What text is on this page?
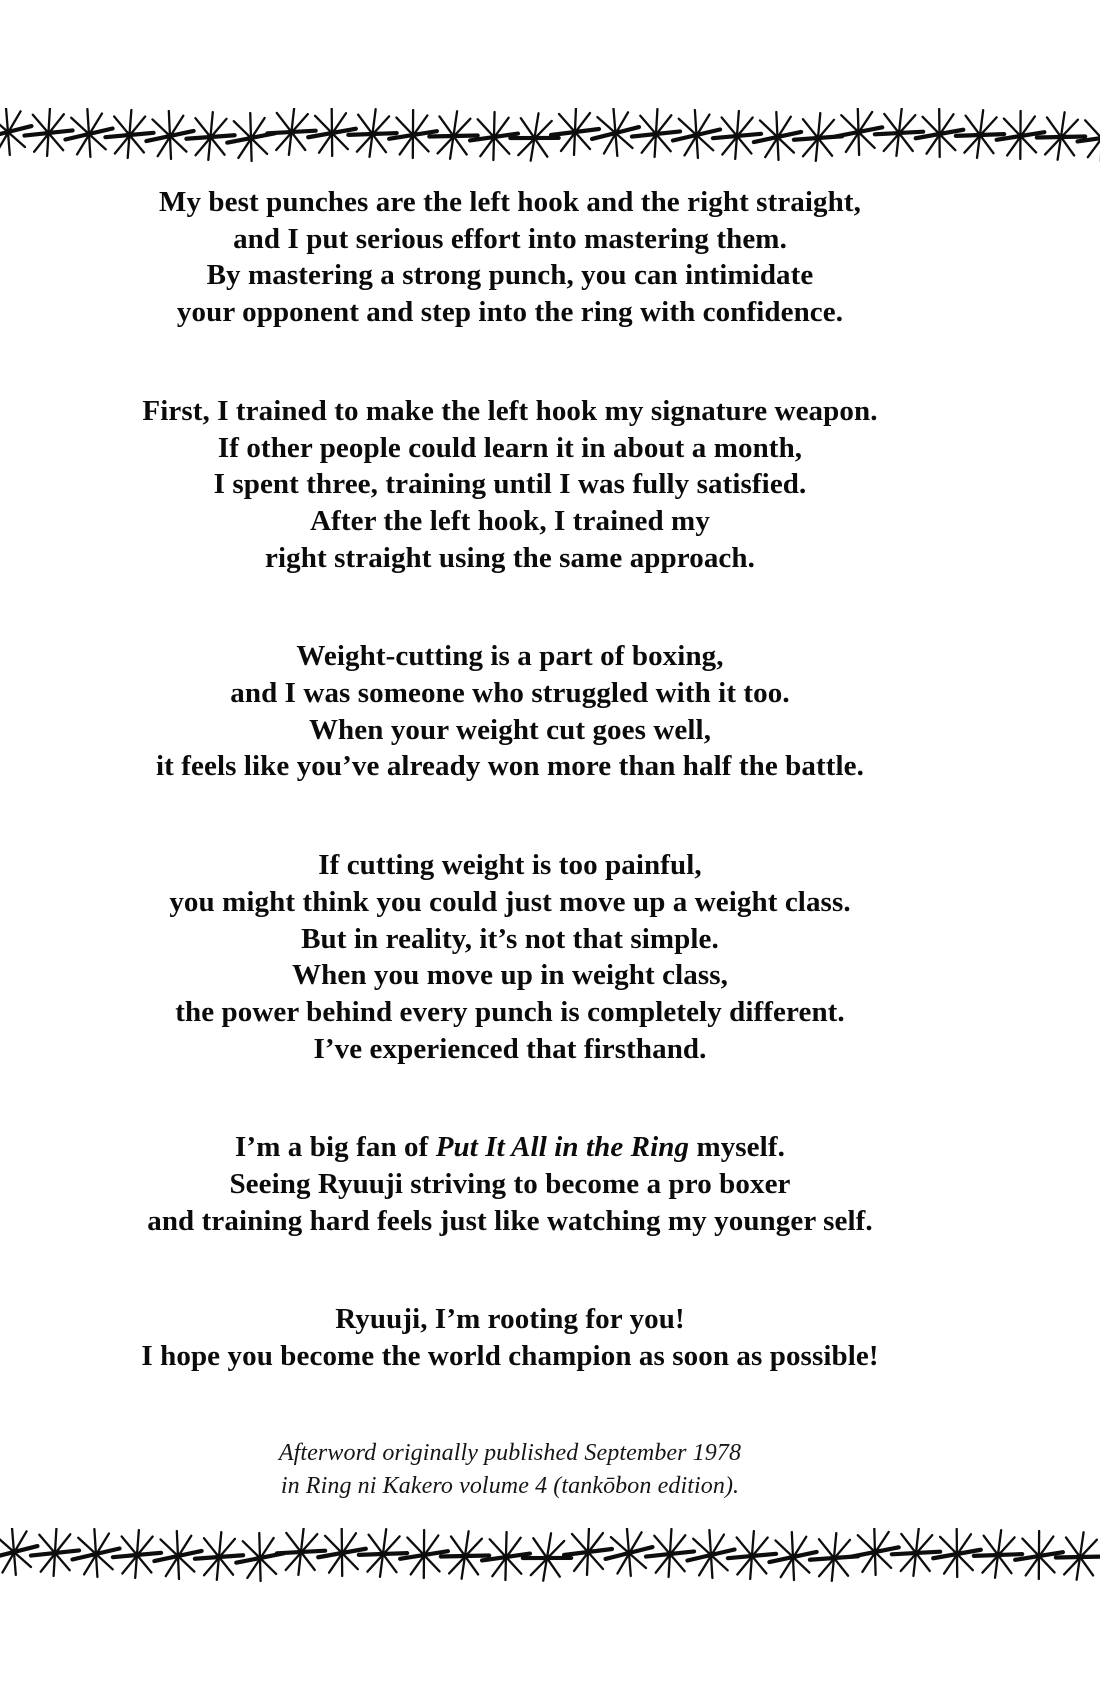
My best punches are the left hook and the right straight,
and I put serious effort into mastering them.
By mastering a strong punch, you can intimidate
your opponent and step into the ring with confidence.

First, I trained to make the left hook my signature weapon.
If other people could learn it in about a month,
I spent three, training until I was fully satisfied.
After the left hook, I trained my
right straight using the same approach.

Weight-cutting is a part of boxing,
and I was someone who struggled with it too.
When your weight cut goes well,
it feels like you’ve already won more than half the battle.

If cutting weight is too painful,
you might think you could just move up a weight class.
But in reality, it’s not that simple.
When you move up in weight class,
the power behind every punch is completely different.
I’ve experienced that firsthand.

I’m a big fan of Put It All in the Ring myself.
Seeing Ryuuji striving to become a pro boxer
and training hard feels just like watching my younger self.

Ryuuji, I’m rooting for you!
I hope you become the world champion as soon as possible!

Afterword originally published September 1978
in Ring ni Kakero volume 4 (tankōbon edition).
